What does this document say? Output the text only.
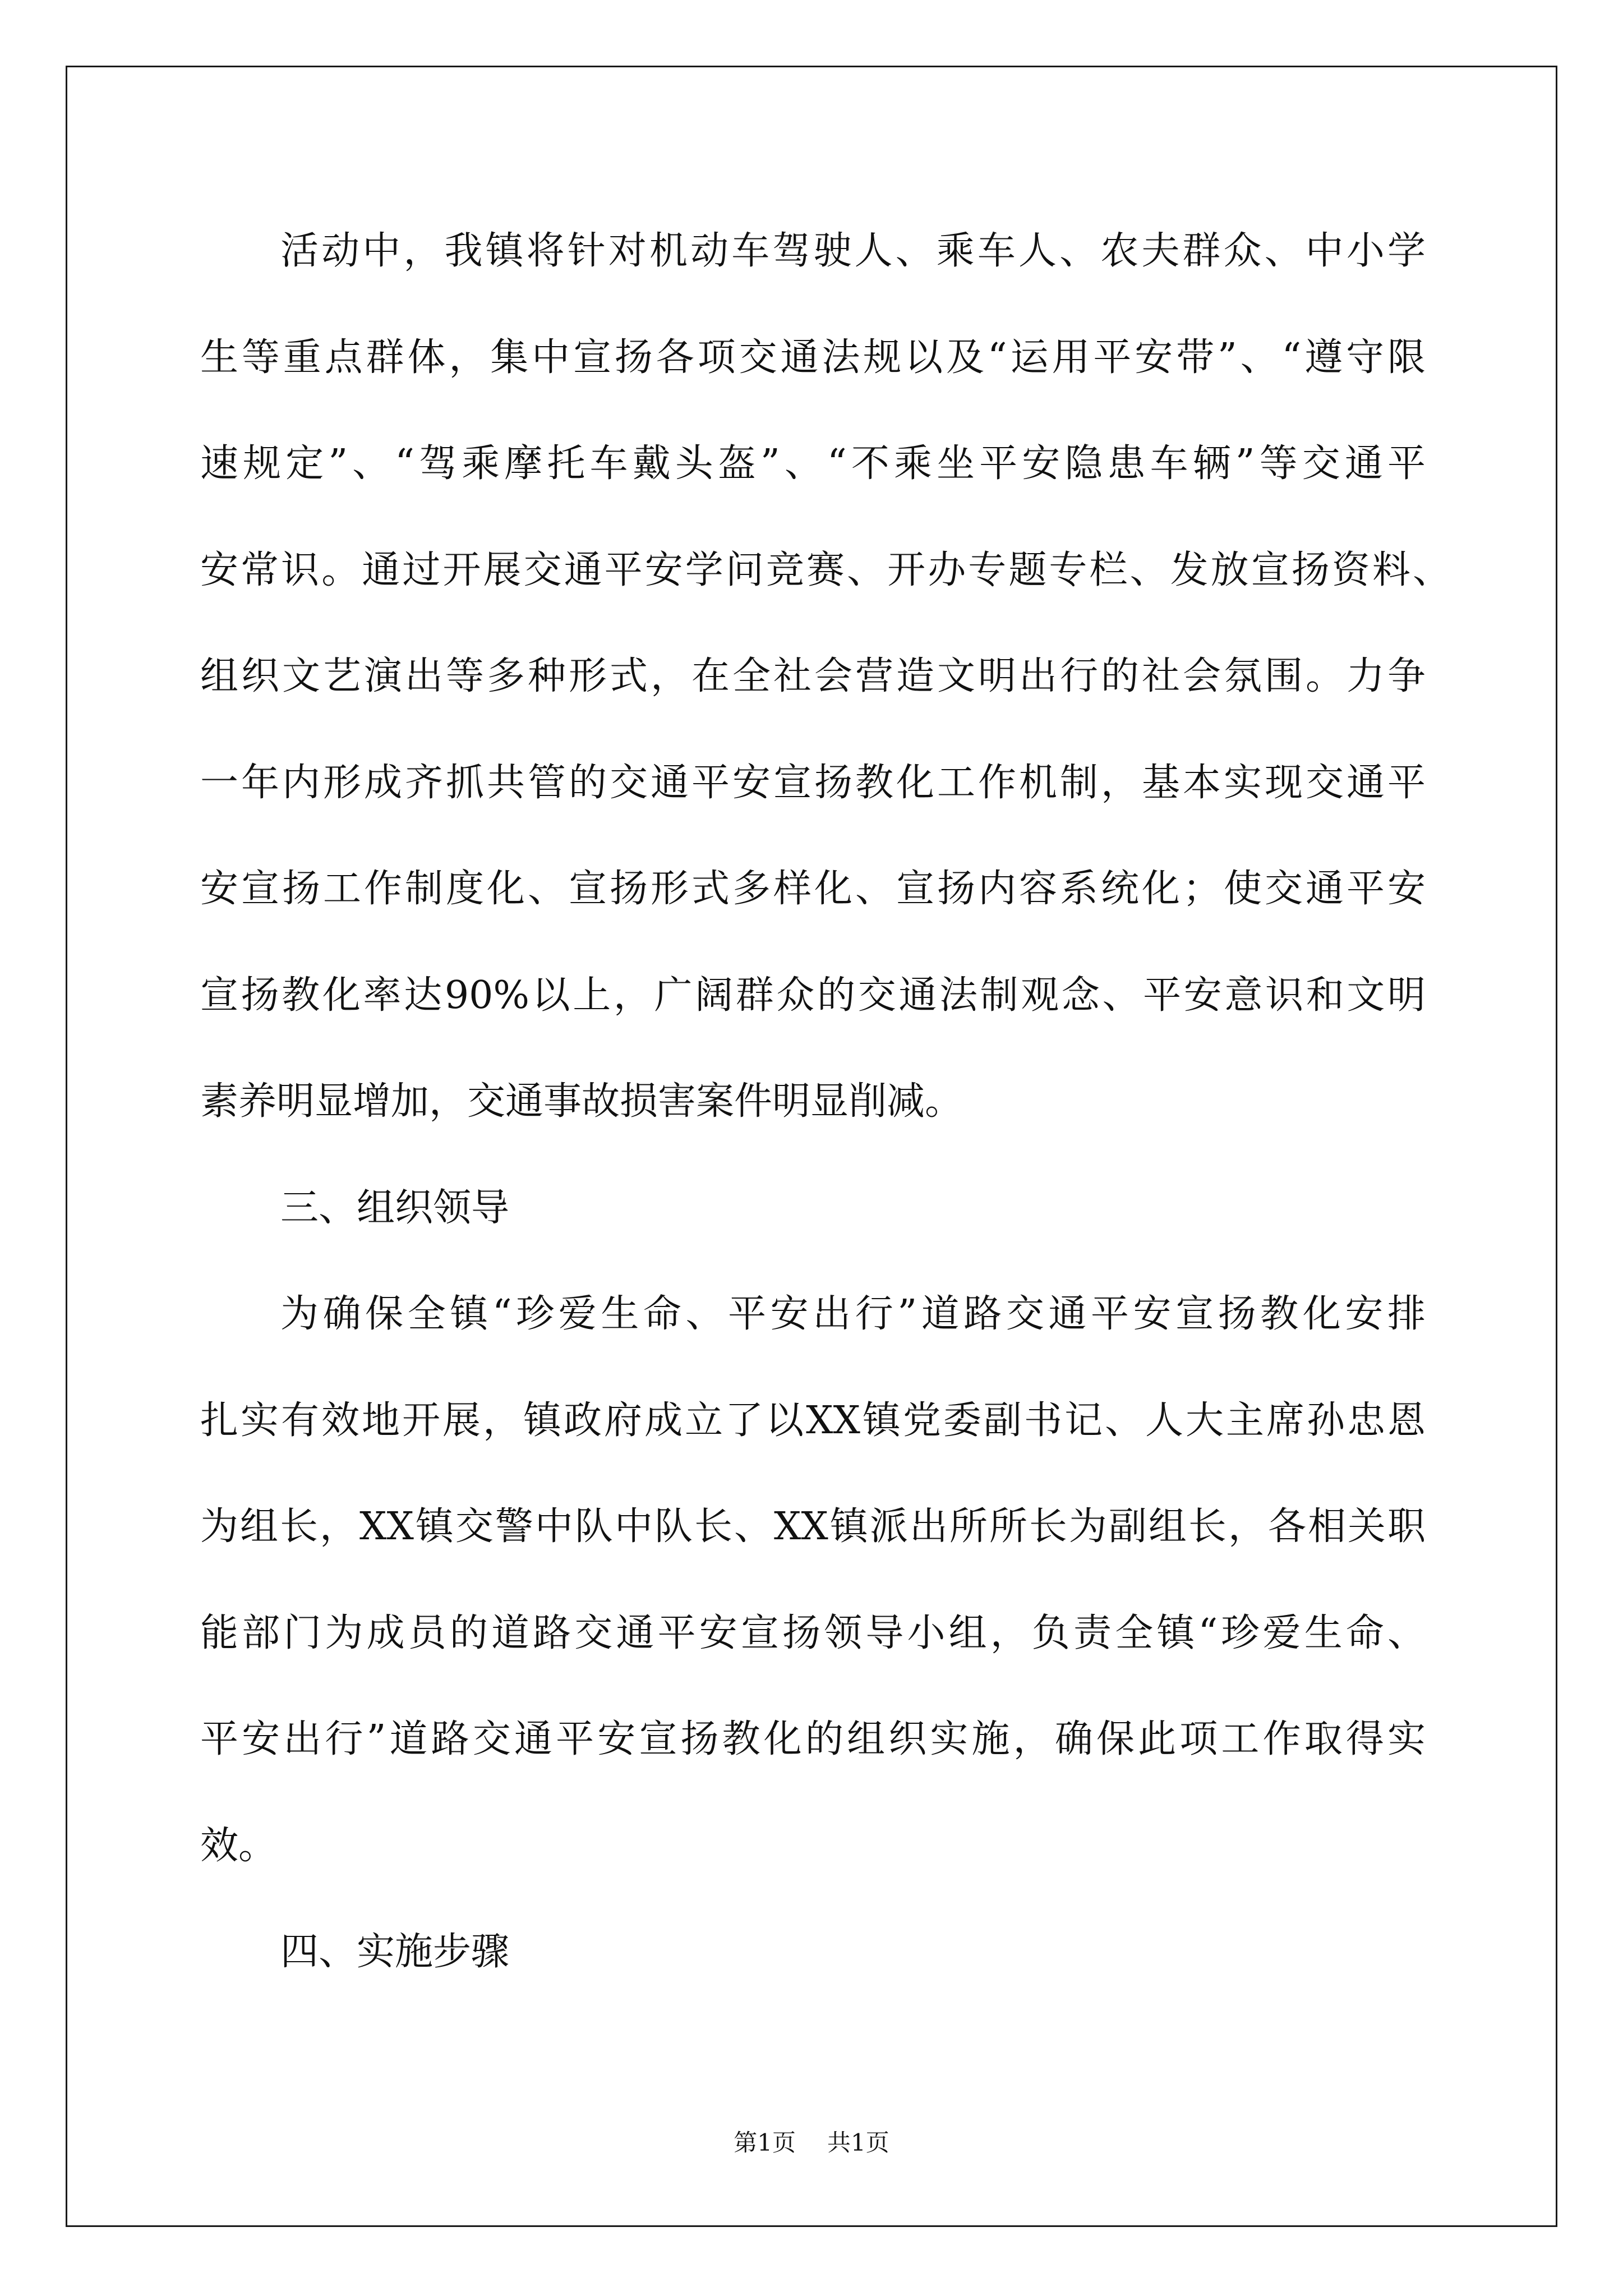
活动中，我镇将针对机动车驾驶人、乘车人、农夫群众、中小学
生等重点群体，集中宣扬各项交通法规以及“运用平安带”、“遵守限
速规定”、“驾乘摩托车戴头盔”、“不乘坐平安隐患车辆”等交通平
安常识。通过开展交通平安学问竞赛、开办专题专栏、发放宣扬资料、
组织文艺演出等多种形式，在全社会营造文明出行的社会氛围。力争
一年内形成齐抓共管的交通平安宣扬教化工作机制，基本实现交通平
安宣扬工作制度化、宣扬形式多样化、宣扬内容系统化；使交通平安
宣扬教化率达90%以上，广阔群众的交通法制观念、平安意识和文明
素养明显增加，交通事故损害案件明显削减。
三、组织领导
为确保全镇“珍爱生命、平安出行”道路交通平安宣扬教化安排
扎实有效地开展，镇政府成立了以XX镇党委副书记、人大主席孙忠恩
为组长，XX镇交警中队中队长、XX镇派出所所长为副组长，各相关职
能部门为成员的道路交通平安宣扬领导小组，负责全镇“珍爱生命、
平安出行”道路交通平安宣扬教化的组织实施，确保此项工作取得实
效。
四、实施步骤
第1页 共1页
